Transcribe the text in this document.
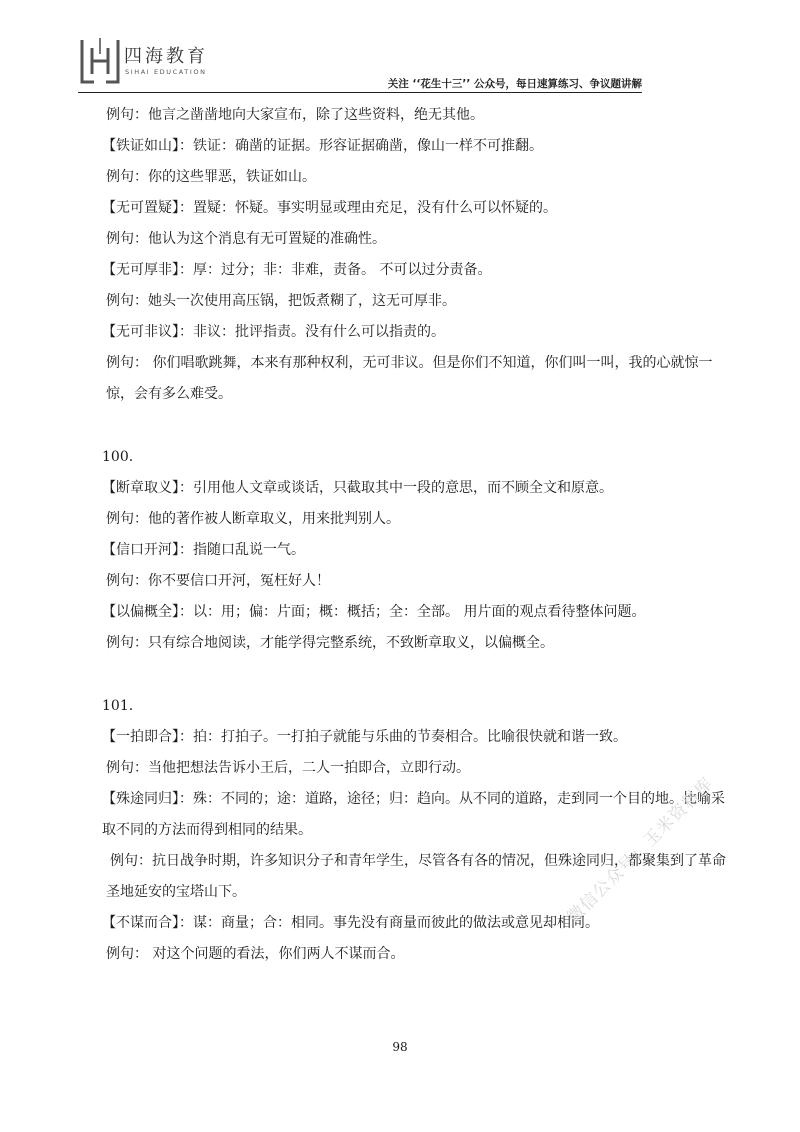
四海教育
SIHAI EDUCATION
关注 ‘‘花生十三’’ 公众号，每日速算练习、争议题讲解

例句：他言之凿凿地向大家宣布，除了这些资料，绝无其他。

【铁证如山】：铁证：确凿的证据。形容证据确凿，像山一样不可推翻。

例句：你的这些罪恶，铁证如山。

【无可置疑】：置疑：怀疑。事实明显或理由充足，没有什么可以怀疑的。

例句：他认为这个消息有无可置疑的准确性。

【无可厚非】：厚：过分；非：非难，责备。 不可以过分责备。

例句：她头一次使用高压锅，把饭煮糊了，这无可厚非。

【无可非议】：非议：批评指责。没有什么可以指责的。

例句： 你们唱歌跳舞，本来有那种权利，无可非议。但是你们不知道，你们叫一叫，我的心就惊一惊，会有多么难受。

100.

【断章取义】：引用他人文章或谈话，只截取其中一段的意思，而不顾全文和原意。

例句：他的著作被人断章取义，用来批判别人。

【信口开河】：指随口乱说一气。

例句：你不要信口开河，冤枉好人！

【以偏概全】：以：用；偏：片面；概：概括；全：全部。 用片面的观点看待整体问题。

例句：只有综合地阅读，才能学得完整系统，不致断章取义，以偏概全。

101.

【一拍即合】：拍：打拍子。一打拍子就能与乐曲的节奏相合。比喻很快就和谐一致。

例句：当他把想法告诉小王后，二人一拍即合，立即行动。

【殊途同归】：殊：不同的；途：道路，途径；归：趋向。从不同的道路，走到同一个目的地。比喻采取不同的方法而得到相同的结果。

例句：抗日战争时期，许多知识分子和青年学生，尽管各有各的情况，但殊途同归，都聚集到了革命圣地延安的宝塔山下。

【不谋而合】：谋：商量；合：相同。事先没有商量而彼此的做法或意见却相同。

例句： 对这个问题的看法，你们两人不谋而合。

98
微信公众号：玉米资料库
